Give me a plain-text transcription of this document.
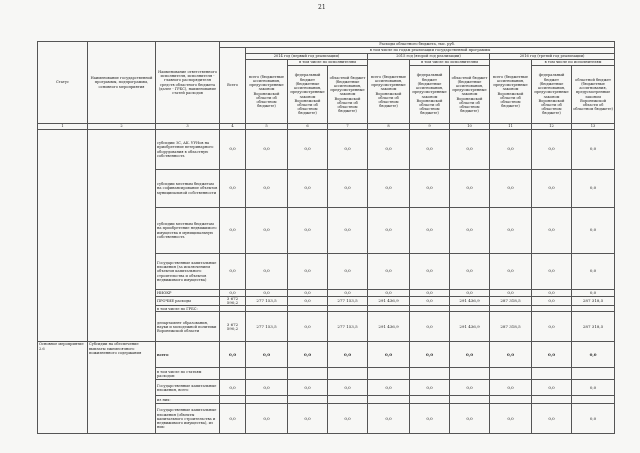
21
Статус	Наименование государственной программы, подпрограммы, основного мероприятия	Наименование ответственного исполнителя, исполнителя - главного распорядителя средств областного бюджета (далее - ГРБС), наименование статей расходов	Расходы областного бюджета, тыс. руб.									
			Всего	в том числе по годам реализации государственной программы								
				2014 год (первый год реализации)			2015 год (второй год реализации)			2016 год (третий год реализации)		
				всего (бюджетные ассигнования, предусмотренные законом Воронежской области об областном бюджете)	в том числе по исполнителям		всего (бюджетные ассигнования, предусмотренные законом Воронежской области об областном бюджете)	в том числе по исполнителям		всего (бюджетные ассигнования, предусмотренные законом Воронежской области об областном бюджете)	в том числе по исполнителям	
					федеральный бюджет (бюджетные ассигнования, предусмотренные законом Воронежской области об областном бюджете)	областной бюджет (бюджетные ассигнования, предусмотренные законом Воронежской области об областном бюджете)		федеральный бюджет (бюджетные ассигнования, предусмотренные законом Воронежской области об областном бюджете)	областной бюджет (бюджетные ассигнования, предусмотренные законом Воронежской области об областном бюджете)		федеральный бюджет (бюджетные ассигнования, предусмотренные законом Воронежской области об областном бюджете)	областной бюджет (бюджетные ассигнования, предусмотренные законом Воронежской области об областном бюджете)
1	2	3	4	5	6	7	8	9	10	11	12	13
		субсидии ЗС, АК. УУНов на приобретение ветеринарного оборудования в областную собственность	0,0	0,0	0,0	0,0	0,0	0,0	0,0	0,0	0,0	0,0
		субсидии местным бюджетам на софинансирование объектов муниципальной собственности	0,0	0,0	0,0	0,0	0,0	0,0	0,0	0,0	0,0	0,0
		субсидии местным бюджетам на приобретение недвижимого имущества в муниципальную собственность	0,0	0,0	0,0	0,0	0,0	0,0	0,0	0,0	0,0	0,0
		Государственные капитальные вложения (за исключением объектов капитального строительства и объектов недвижимого имущества)	0,0	0,0	0,0	0,0	0,0	0,0	0,0	0,0	0,0	0,0
		НИОКР	0,0	0,0	0,0	0,0	0,0	0,0	0,0	0,0	0,0	0,0
		ПРОЧИЕ расходы	3 672 590,2	277 153,5	0,0	277 153,5	291 436,9	0,0	291 436,9	287 318,5	0,0	287 318,5
		в том числе по ГРБС:										
		департамент образования, науки и молодежной политики Воронежской области	3 672 590,2	277 153,5	0,0	277 153,5	291 436,9	0,0	291 436,9	287 318,5	0,0	287 318,5
Основное мероприятие 2.6	Субсидии на обеспечение выплаты ежемесячного пожизненного содержания	всего	0,0	0,0	0,0	0,0	0,0	0,0	0,0	0,0	0,0	0,0
		в том числе по статьям расходов:										
		Государственные капитальные вложения, всего	0,0	0,0	0,0	0,0	0,0	0,0	0,0	0,0	0,0	0,0
		из них:										
		Государственные капитальные вложения (объекты капитального строительства и недвижимого имущества), из них:	0,0	0,0	0,0	0,0	0,0	0,0	0,0	0,0	0,0	0,0
